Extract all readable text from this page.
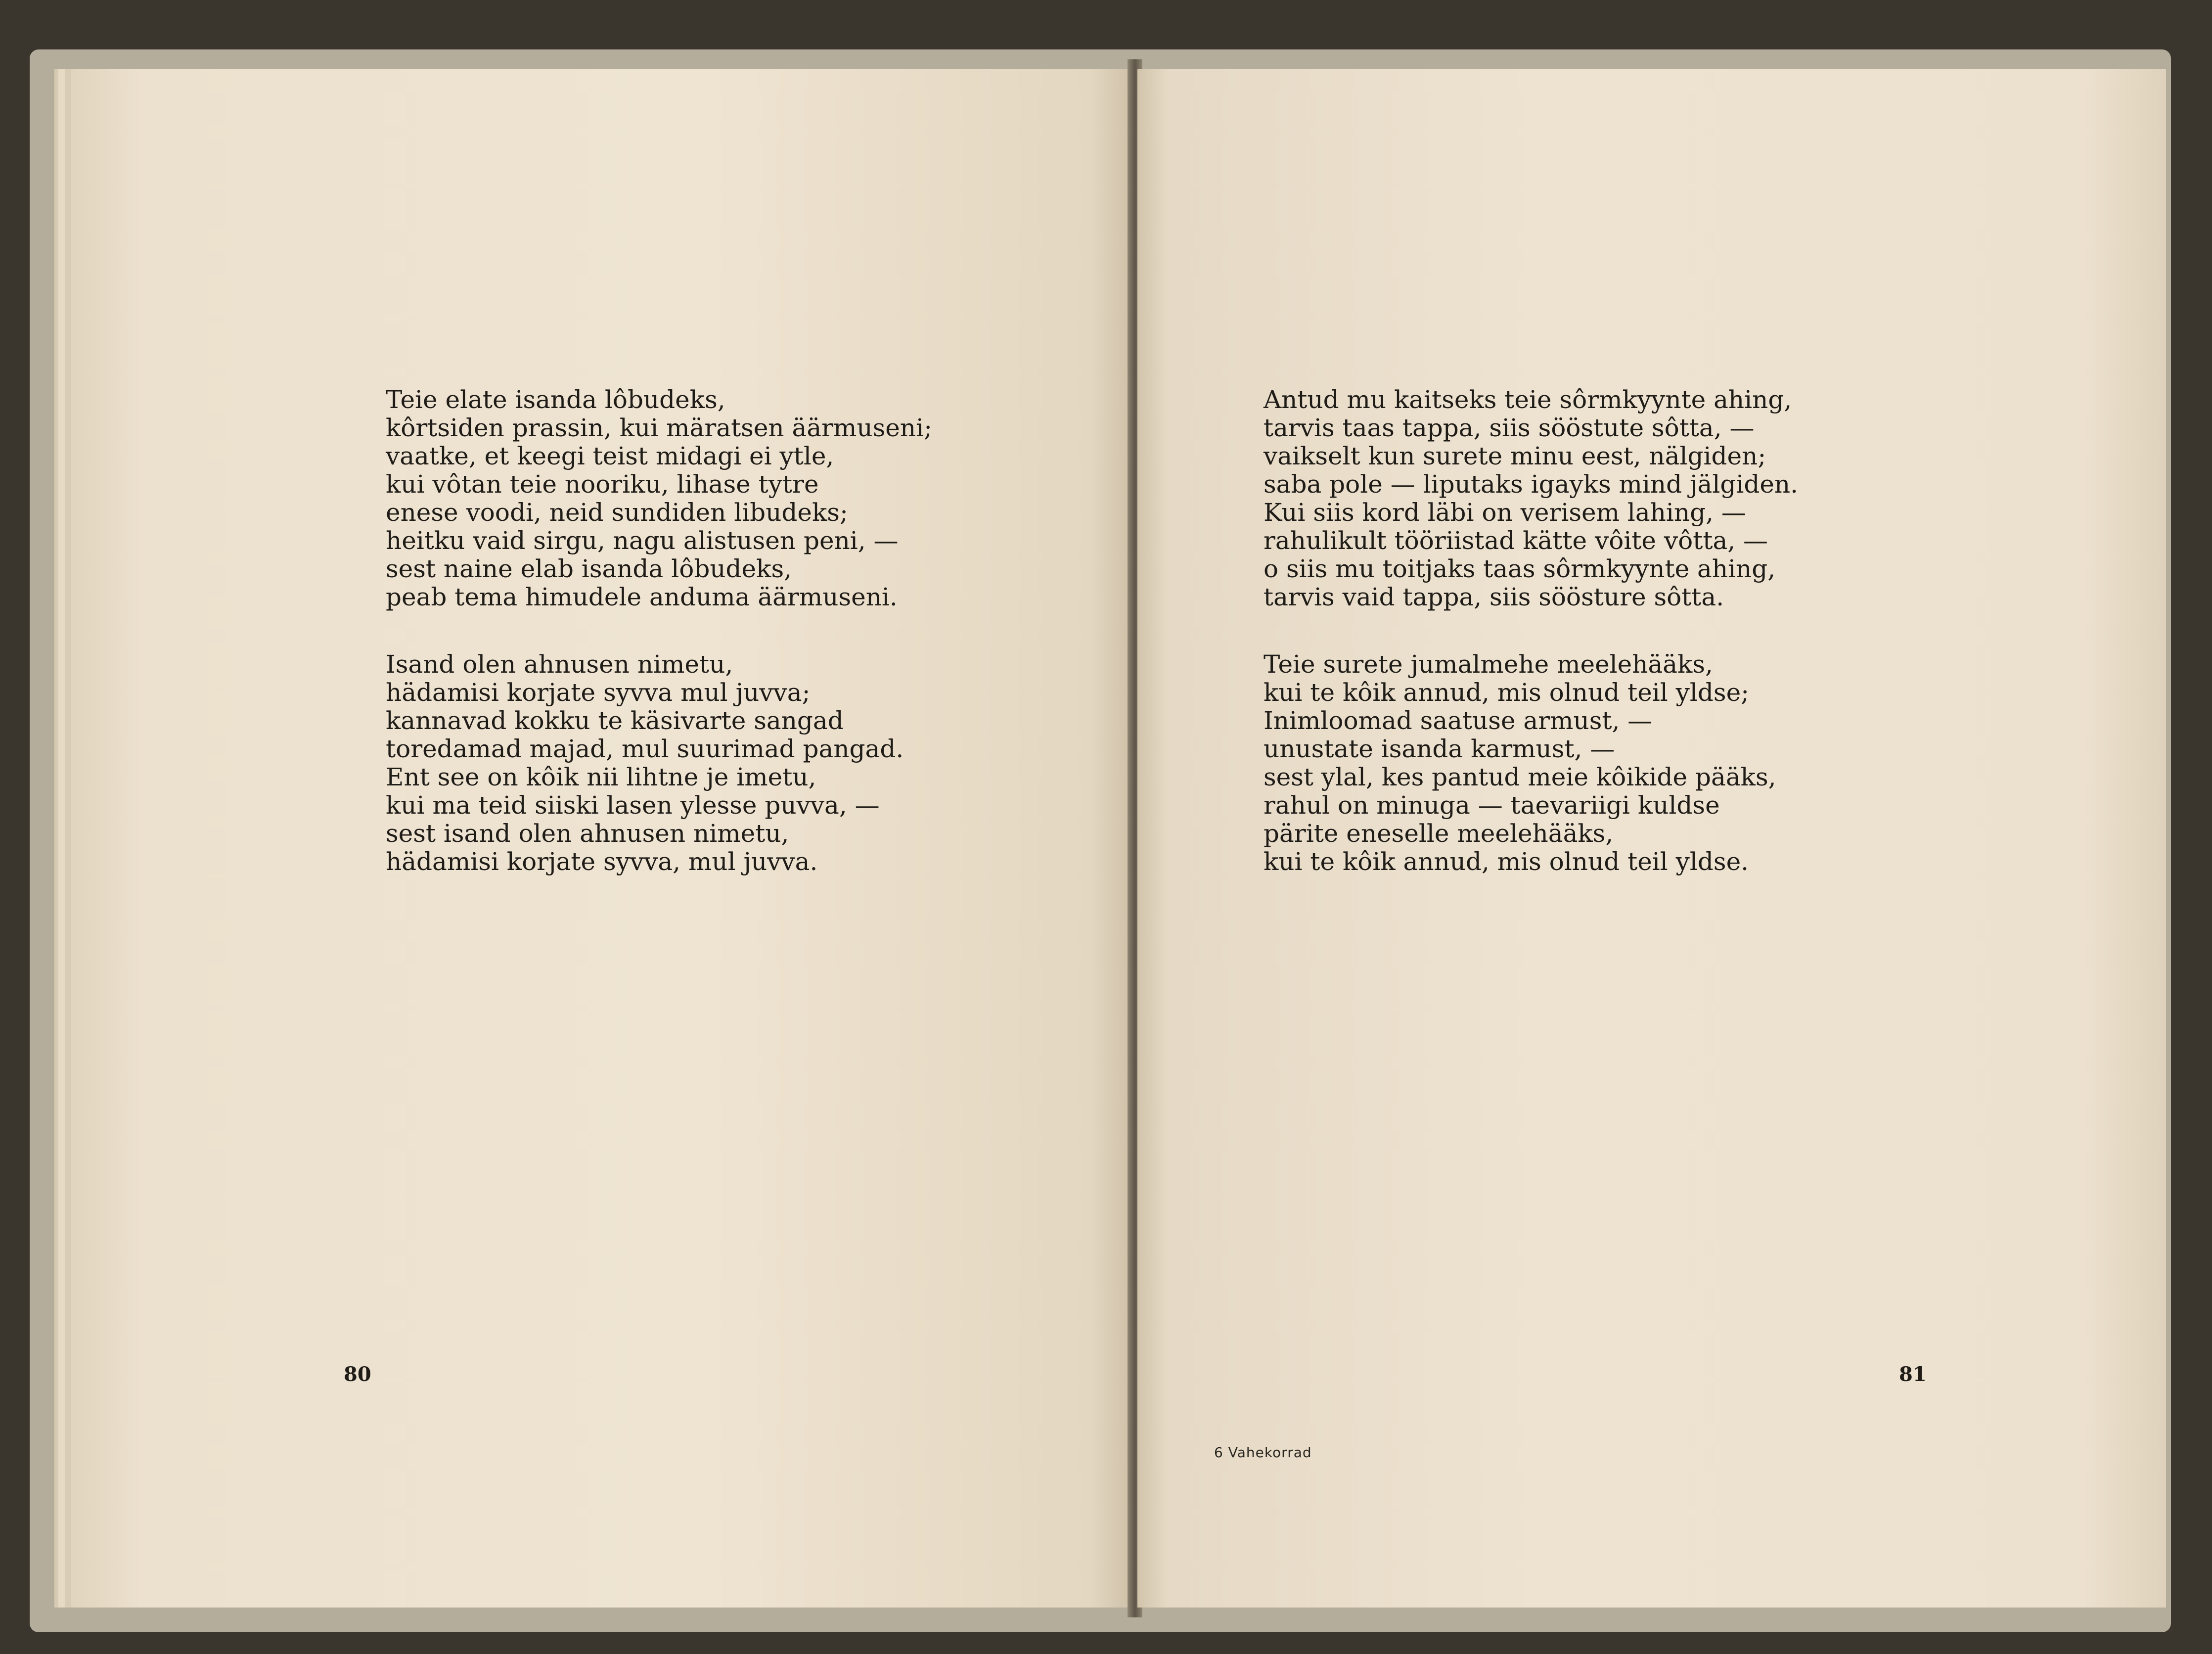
Teie elate isanda lôbudeks,
kôrtsiden prassin, kui märatsen äärmuseni;
vaatke, et keegi teist midagi ei ytle,
kui vôtan teie nooriku, lihase tytre
enese voodi, neid sundiden libudeks;
heitku vaid sirgu, nagu alistusen peni, —
sest naine elab isanda lôbudeks,
peab tema himudele anduma äärmuseni.
Isand olen ahnusen nimetu,
hädamisi korjate syvva mul juvva;
kannavad kokku te käsivarte sangad
toredamad majad, mul suurimad pangad.
Ent see on kôik nii lihtne je imetu,
kui ma teid siiski lasen ylesse puvva, —
sest isand olen ahnusen nimetu,
hädamisi korjate syvva, mul juvva.

80

Antud mu kaitseks teie sôrmkyynte ahing,
tarvis taas tappa, siis sööstute sôtta, —
vaikselt kun surete minu eest, nälgiden;
saba pole — liputaks igayks mind jälgiden.
Kui siis kord läbi on verisem lahing, —
rahulikult tööriistad kätte vôite vôtta, —
o siis mu toitjaks taas sôrmkyynte ahing,
tarvis vaid tappa, siis söösture sôtta.
Teie surete jumalmehe meelehääks,
kui te kôik annud, mis olnud teil yldse;
Inimloomad saatuse armust, —
unustate isanda karmust, —
sest ylal, kes pantud meie kôikide pääks,
rahul on minuga — taevariigi kuldse
pärite eneselle meelehääks,
kui te kôik annud, mis olnud teil yldse.

6 Vahekorrad

81
